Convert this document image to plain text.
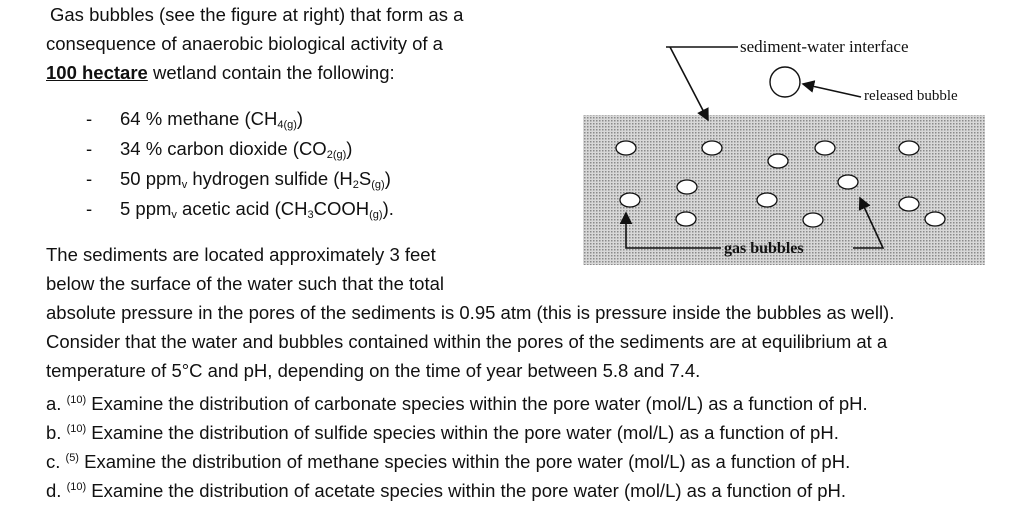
Gas bubbles (see the figure at right) that form as a
consequence of anaerobic biological activity of a
100 hectare wetland contain the following:
- 64 % methane $(CH_{4(g)})$
- 34 % carbon dioxide $(CO_{2(g)})$
- 50 ppm$_v$ hydrogen sulfide $(H_2S_{(g)})$
- 5 ppm$_v$ acetic acid $(CH_3COOH_{(g)})$.
The sediments are located approximately 3 feet
below the surface of the water such that the total
absolute pressure in the pores of the sediments is 0.95 atm (this is pressure inside the bubbles as well).
Consider that the water and bubbles contained within the pores of the sediments are at equilibrium at a
temperature of 5°C and pH, depending on the time of year between 5.8 and 7.4.
a. $^{(10)}$ Examine the distribution of carbonate species within the pore water (mol/L) as a function of pH.
b. $^{(10)}$ Examine the distribution of sulfide species within the pore water (mol/L) as a function of pH.
c. $^{(5)}$ Examine the distribution of methane species within the pore water (mol/L) as a function of pH.
d. $^{(10)}$ Examine the distribution of acetate species within the pore water (mol/L) as a function of pH.
sediment-water interface
released bubble
gas bubbles
